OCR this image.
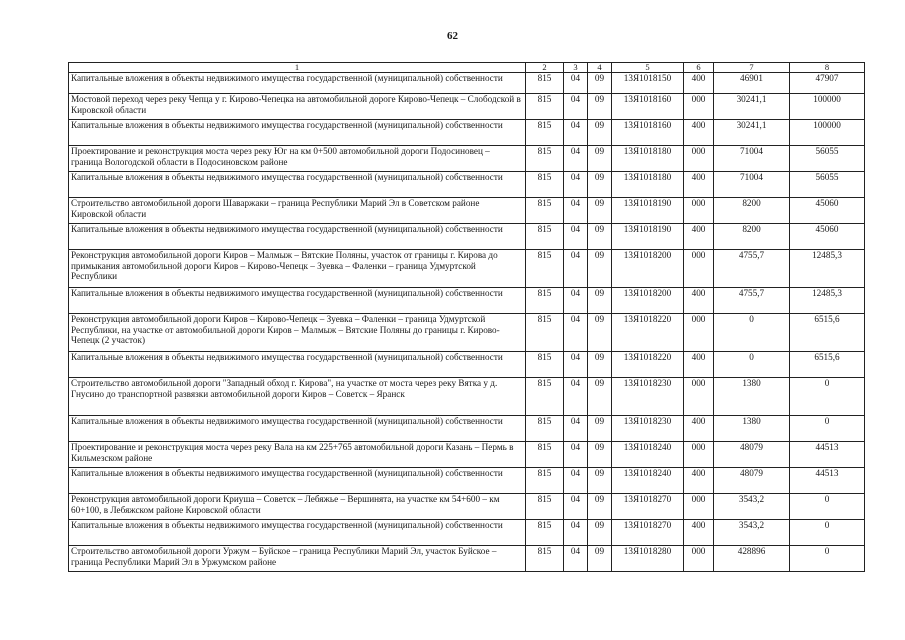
62
1	2	3	4	5	6	7	8
Капитальные вложения в объекты недвижимого имущества государственной (муниципальной) собственности	815	04	09	13Я1018150	400	46901	47907
Мостовой переход через реку Чепца у г. Кирово-Чепецка на автомобильной дороге Кирово-Чепецк – Слободской в Кировской области	815	04	09	13Я1018160	000	30241,1	100000
Капитальные вложения в объекты недвижимого имущества государственной (муниципальной) собственности	815	04	09	13Я1018160	400	30241,1	100000
Проектирование и реконструкция моста через реку Юг на км 0+500 автомобильной дороги Подосиновец – граница Вологодской области в Подосиновском районе	815	04	09	13Я1018180	000	71004	56055
Капитальные вложения в объекты недвижимого имущества государственной (муниципальной) собственности	815	04	09	13Я1018180	400	71004	56055
Строительство автомобильной дороги Шаваржаки – граница Республики Марий Эл в Советском районе Кировской области	815	04	09	13Я1018190	000	8200	45060
Капитальные вложения в объекты недвижимого имущества государственной (муниципальной) собственности	815	04	09	13Я1018190	400	8200	45060
Реконструкция автомобильной дороги Киров – Малмыж – Вятские Поляны, участок от границы г. Кирова до примыкания автомобильной дороги Киров – Кирово-Чепецк – Зуевка – Фаленки – граница Удмуртской Республики	815	04	09	13Я1018200	000	4755,7	12485,3
Капитальные вложения в объекты недвижимого имущества государственной (муниципальной) собственности	815	04	09	13Я1018200	400	4755,7	12485,3
Реконструкция автомобильной дороги Киров – Кирово-Чепецк – Зуевка – Фаленки – граница Удмуртской Республики, на участке от автомобильной дороги Киров – Малмыж – Вятские Поляны до границы г. Кирово-Чепецк (2 участок)	815	04	09	13Я1018220	000	0	6515,6
Капитальные вложения в объекты недвижимого имущества государственной (муниципальной) собственности	815	04	09	13Я1018220	400	0	6515,6
Строительство автомобильной дороги "Западный обход г. Кирова", на участке от моста через реку Вятка у д. Гнусино до транспортной развязки автомобильной дороги Киров – Советск – Яранск	815	04	09	13Я1018230	000	1380	0
Капитальные вложения в объекты недвижимого имущества государственной (муниципальной) собственности	815	04	09	13Я1018230	400	1380	0
Проектирование и реконструкция моста через реку Вала на км 225+765 автомобильной дороги Казань – Пермь в Кильмезском районе	815	04	09	13Я1018240	000	48079	44513
Капитальные вложения в объекты недвижимого имущества государственной (муниципальной) собственности	815	04	09	13Я1018240	400	48079	44513
Реконструкция автомобильной дороги Криуша – Советск – Лебяжье – Вершинята, на участке км 54+600 – км 60+100, в Лебяжском районе Кировской области	815	04	09	13Я1018270	000	3543,2	0
Капитальные вложения в объекты недвижимого имущества государственной (муниципальной) собственности	815	04	09	13Я1018270	400	3543,2	0
Строительство автомобильной дороги Уржум – Буйское – граница Республики Марий Эл, участок Буйское – граница Республики Марий Эл в Уржумском районе	815	04	09	13Я1018280	000	428896	0
